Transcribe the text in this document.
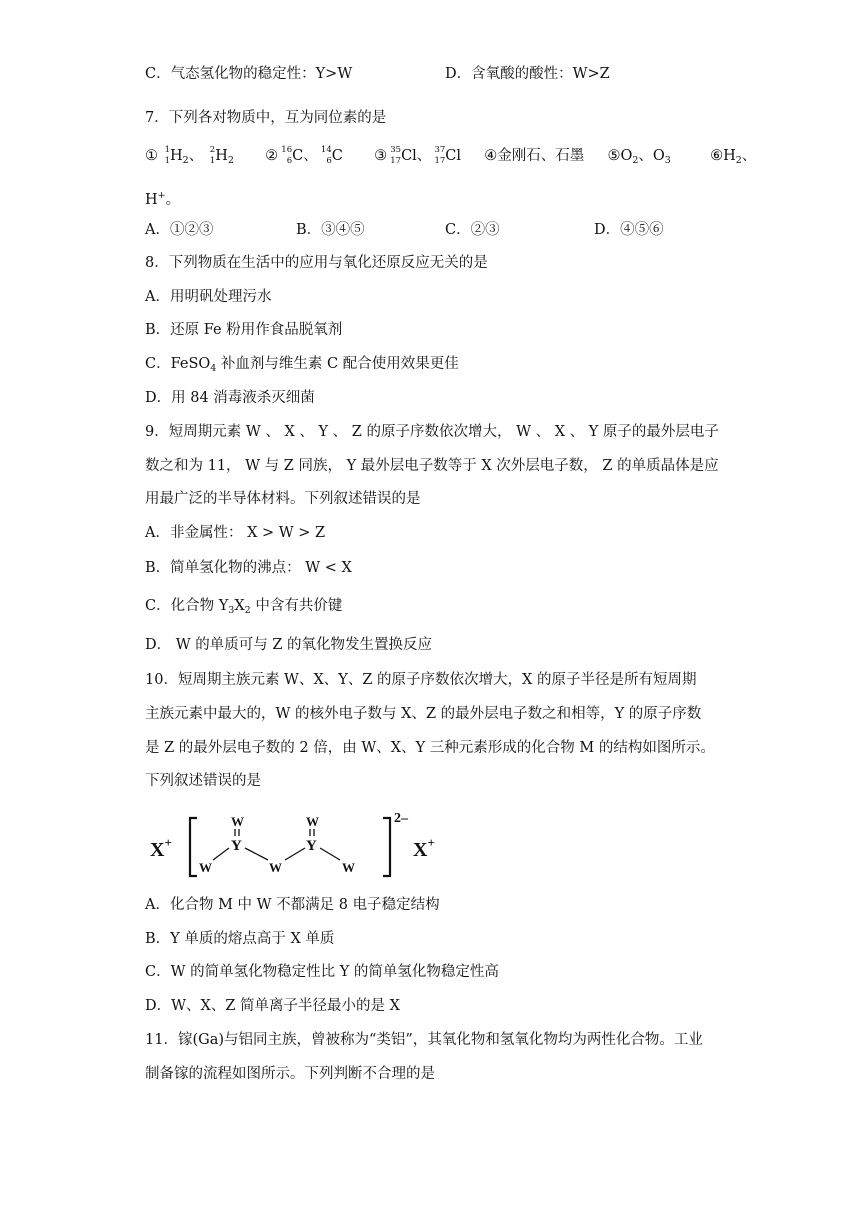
C．气态氢化物的稳定性：Y>W	D．含氧酸的酸性：W>Z
7．下列各对物质中，互为同位素的是
① 1
1 $H_2$、 2
1 $H_2$ ② 16
6 C、 14
6 C ③ 35
17 Cl、 37
17 Cl ④金刚石、石墨 $⑤O_2$、$O_3$	$⑥H_2$、
H+。
A．①②③	B．③④⑤	C．②③	D．④⑤⑥
8．下列物质在生活中的应用与氧化还原反应无关的是
A．用明矾处理污水
B．还原 Fe 粉用作食品脱氧剂
C．FeSO$_4$ 补血剂与维生素 C 配合使用效果更佳
D．用 84 消毒液杀灭细菌
9．短周期元素 W 、 X 、 Y 、 Z 的原子序数依次增大， W 、 X 、 Y 原子的最外层电子
数之和为 11， W 与 Z 同族， Y 最外层电子数等于 X 次外层电子数， Z 的单质晶体是应
用最广泛的半导体材料。下列叙述错误的是
A．非金属性： X > W > Z
B．简单氢化物的沸点： W < X
C．化合物 $Y_3X_2$ 中含有共价键
D． W 的单质可与 Z 的氧化物发生置换反应
10．短周期主族元素 W、X、Y、Z 的原子序数依次增大，X 的原子半径是所有短周期
主族元素中最大的，W 的核外电子数与 X、Z 的最外层电子数之和相等，Y 的原子序数
是 Z 的最外层电子数的 2 倍，由 W、X、Y 三种元素形成的化合物 M 的结构如图所示。
下列叙述错误的是
X+
W
Y
W
Y
W	W	W
2–
X+
A．化合物 M 中 W 不都满足 8 电子稳定结构
B．Y 单质的熔点高于 X 单质
C．W 的简单氢化物稳定性比 Y 的简单氢化物稳定性高
D．W、X、Z 简单离子半径最小的是 X
11．镓(Ga)与铝同主族，曾被称为“类铝”，其氧化物和氢氧化物均为两性化合物。工业
制备镓的流程如图所示。下列判断不合理的是
